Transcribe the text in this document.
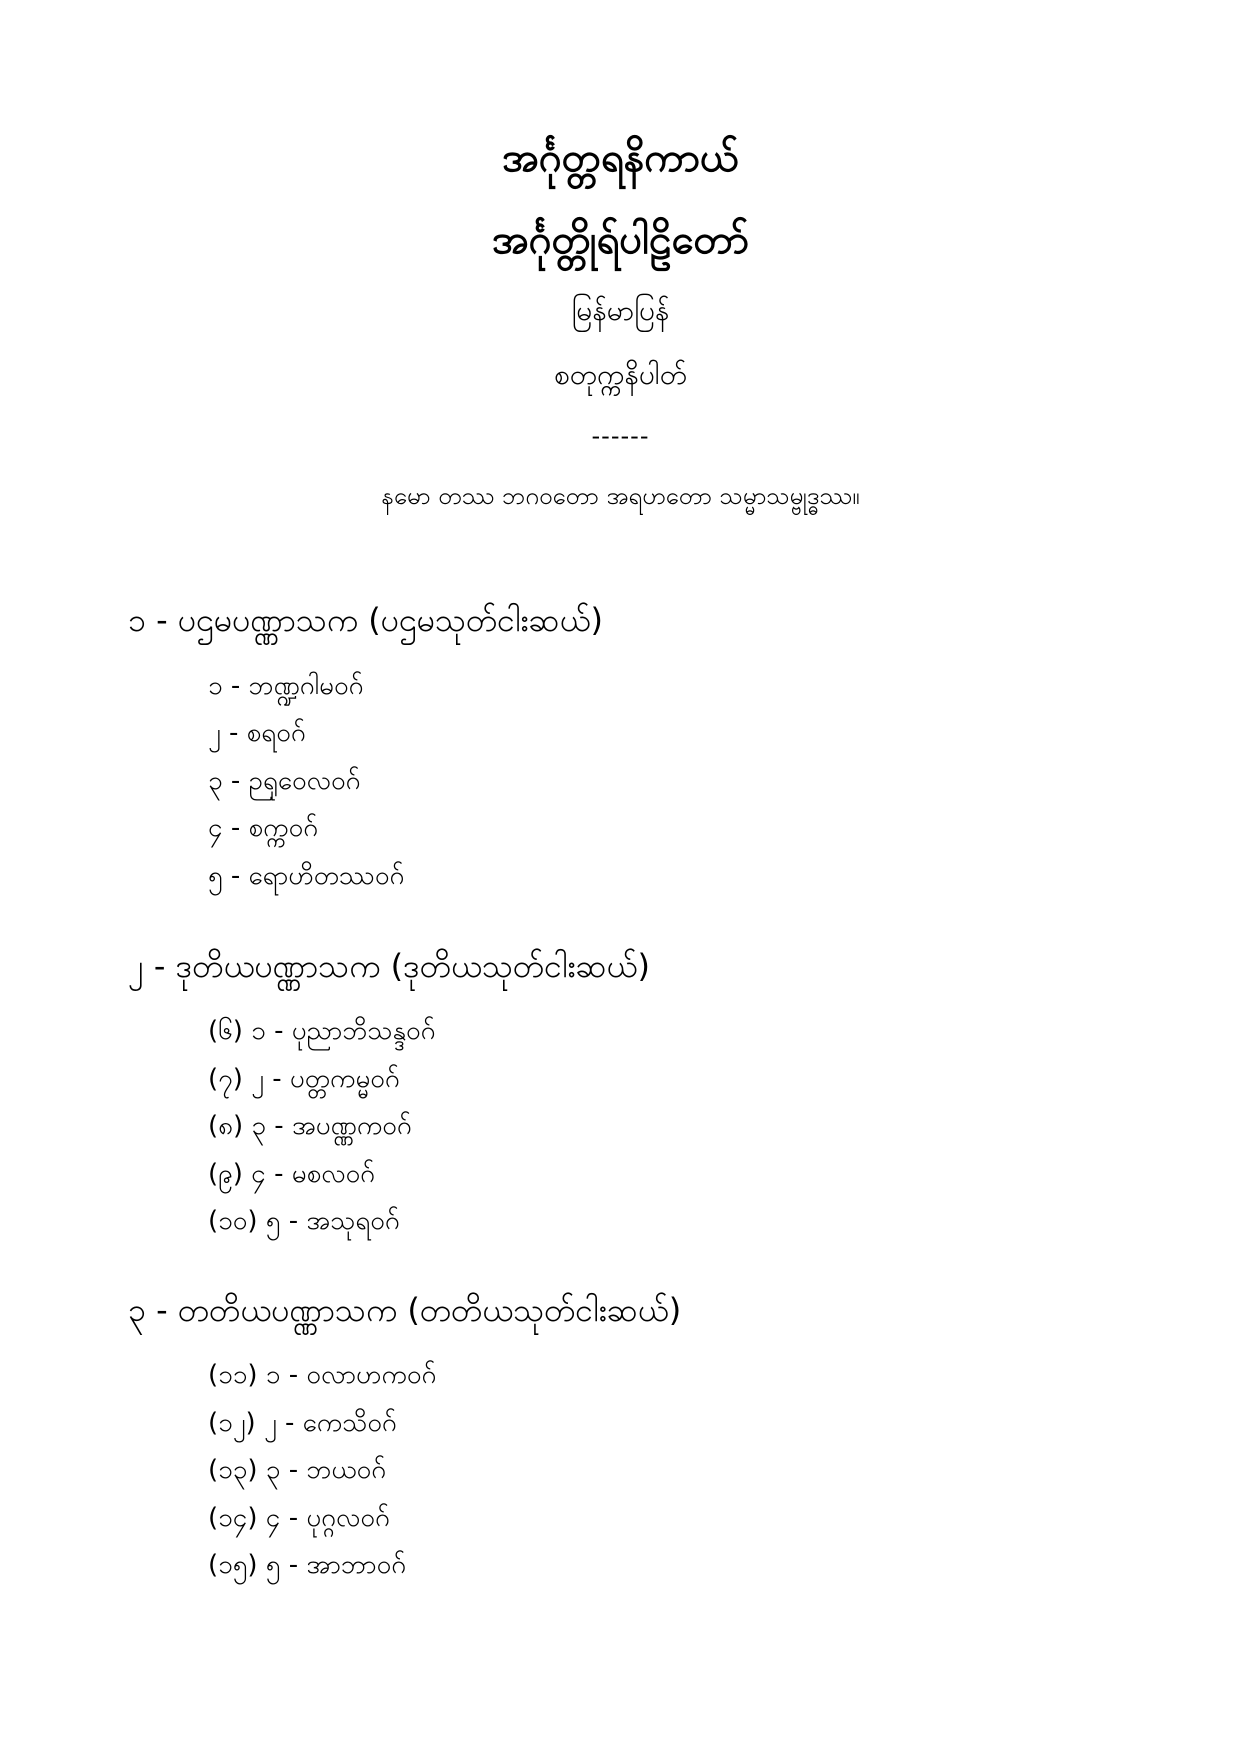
အင်္ဂုတ္တရနိကာယ်
အင်္ဂုတ္တိုရ်ပါဠိတော်
မြန်မာပြန်
စတုက္ကနိပါတ်
------
နမော တဿ ဘဂဝတော အရဟတော သမ္မာသမ္ဗုဒ္ဓဿ။
၁ - ပဌမပဏ္ဏာသက (ပဌမသုတ်ငါးဆယ်)
၁ - ဘဏ္ဍဂါမဝဂ်
၂ - စရဝဂ်
၃ - ဉရုဝေလဝဂ်
၄ - စက္ကဝဂ်
၅ - ရောဟိတဿဝဂ်
၂ - ဒုတိယပဏ္ဏာသက (ဒုတိယသုတ်ငါးဆယ်)
(၆) ၁ - ပုညာဘိသန္ဒဝဂ်
(၇) ၂ - ပတ္တကမ္မဝဂ်
(၈) ၃ - အပဏ္ဏကဝဂ်
(၉) ၄ - မစလဝဂ်
(၁၀) ၅ - အသုရဝဂ်
၃ - တတိယပဏ္ဏာသက (တတိယသုတ်ငါးဆယ်)
(၁၁) ၁ - ဝလာဟကဝဂ်
(၁၂) ၂ - ကေသိဝဂ်
(၁၃) ၃ - ဘယဝဂ်
(၁၄) ၄ - ပုဂ္ဂလဝဂ်
(၁၅) ၅ - အာဘာဝဂ်
